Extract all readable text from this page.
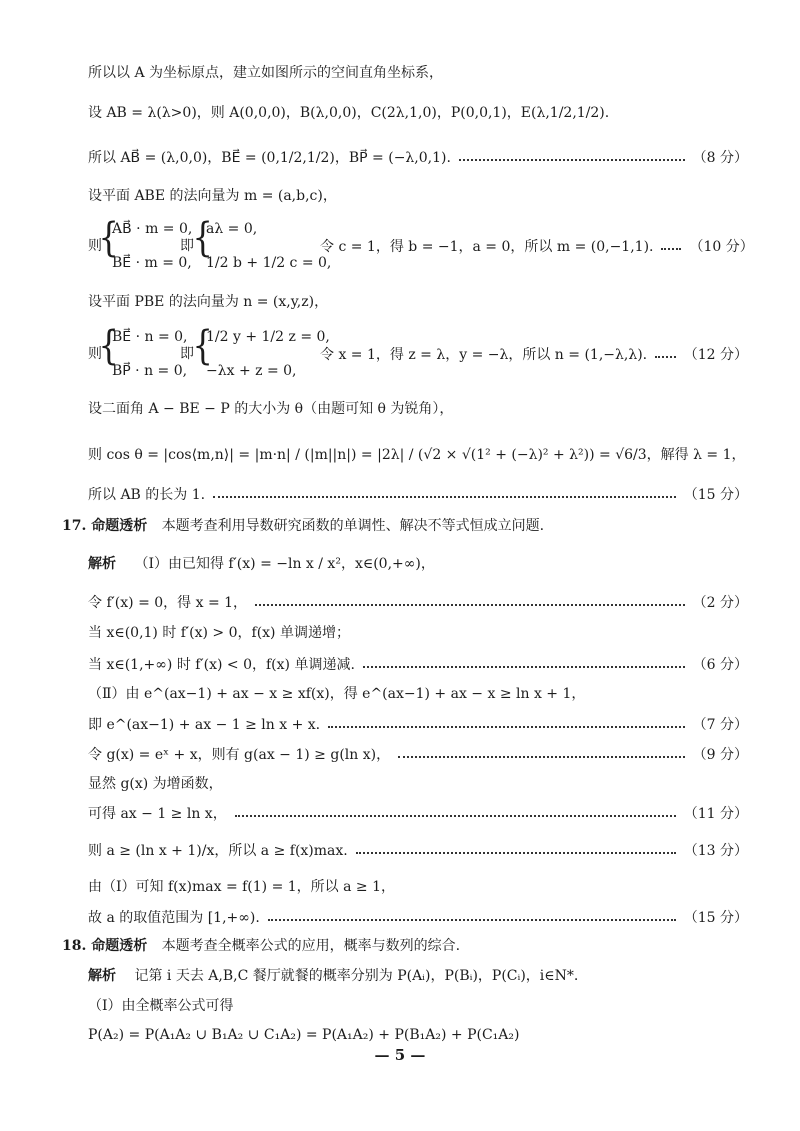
所以以 A 为坐标原点，建立如图所示的空间直角坐标系，
设 AB = λ(λ>0)，则 A(0,0,0)，B(λ,0,0)，C(2λ,1,0)，P(0,0,1)，E(λ,1/2,1/2).
所以 AB⃗ = (λ,0,0)，BE⃗ = (0,1/2,1/2)，BP⃗ = (−λ,0,1).	（8 分）
设平面 ABE 的法向量为 m = (a,b,c)，
则
{
AB⃗ · m = 0,
BE⃗ · m = 0,
即
{
aλ = 0,
1/2 b + 1/2 c = 0,
令 c = 1，得 b = −1，a = 0，所以 m = (0,−1,1).	（10 分）
设平面 PBE 的法向量为 n = (x,y,z)，
则
{
BE⃗ · n = 0,
BP⃗ · n = 0,
即
{
1/2 y + 1/2 z = 0,
−λx + z = 0,
令 x = 1，得 z = λ，y = −λ，所以 n = (1,−λ,λ).	（12 分）
设二面角 A − BE − P 的大小为 θ（由题可知 θ 为锐角），
则 cos θ = |cos⟨m,n⟩| = |m·n| / (|m||n|) = |2λ| / (√2 × √(1² + (−λ)² + λ²)) = √6/3，解得 λ = 1，
所以 AB 的长为 1.	（15 分）
17. 命题透析 本题考查利用导数研究函数的单调性、解决不等式恒成立问题.
解析 （Ⅰ）由已知得 f′(x) = −ln x / x²，x∈(0,+∞)，
令 f′(x) = 0，得 x = 1，	（2 分）
当 x∈(0,1) 时 f′(x) > 0，f(x) 单调递增；
当 x∈(1,+∞) 时 f′(x) < 0，f(x) 单调递减.	（6 分）
（Ⅱ）由 e^(ax−1) + ax − x ≥ xf(x)，得 e^(ax−1) + ax − x ≥ ln x + 1，
即 e^(ax−1) + ax − 1 ≥ ln x + x.	（7 分）
令 g(x) = eˣ + x，则有 g(ax − 1) ≥ g(ln x)，	（9 分）
显然 g(x) 为增函数，
可得 ax − 1 ≥ ln x，	（11 分）
则 a ≥ (ln x + 1)/x，所以 a ≥ f(x)max.	（13 分）
由（Ⅰ）可知 f(x)max = f(1) = 1，所以 a ≥ 1，
故 a 的取值范围为 [1,+∞).	（15 分）
18. 命题透析 本题考查全概率公式的应用，概率与数列的综合.
解析 记第 i 天去 A,B,C 餐厅就餐的概率分别为 P(Aᵢ)，P(Bᵢ)，P(Cᵢ)，i∈N*.
（Ⅰ）由全概率公式可得
P(A₂) = P(A₁A₂ ∪ B₁A₂ ∪ C₁A₂) = P(A₁A₂) + P(B₁A₂) + P(C₁A₂)
— 5 —
